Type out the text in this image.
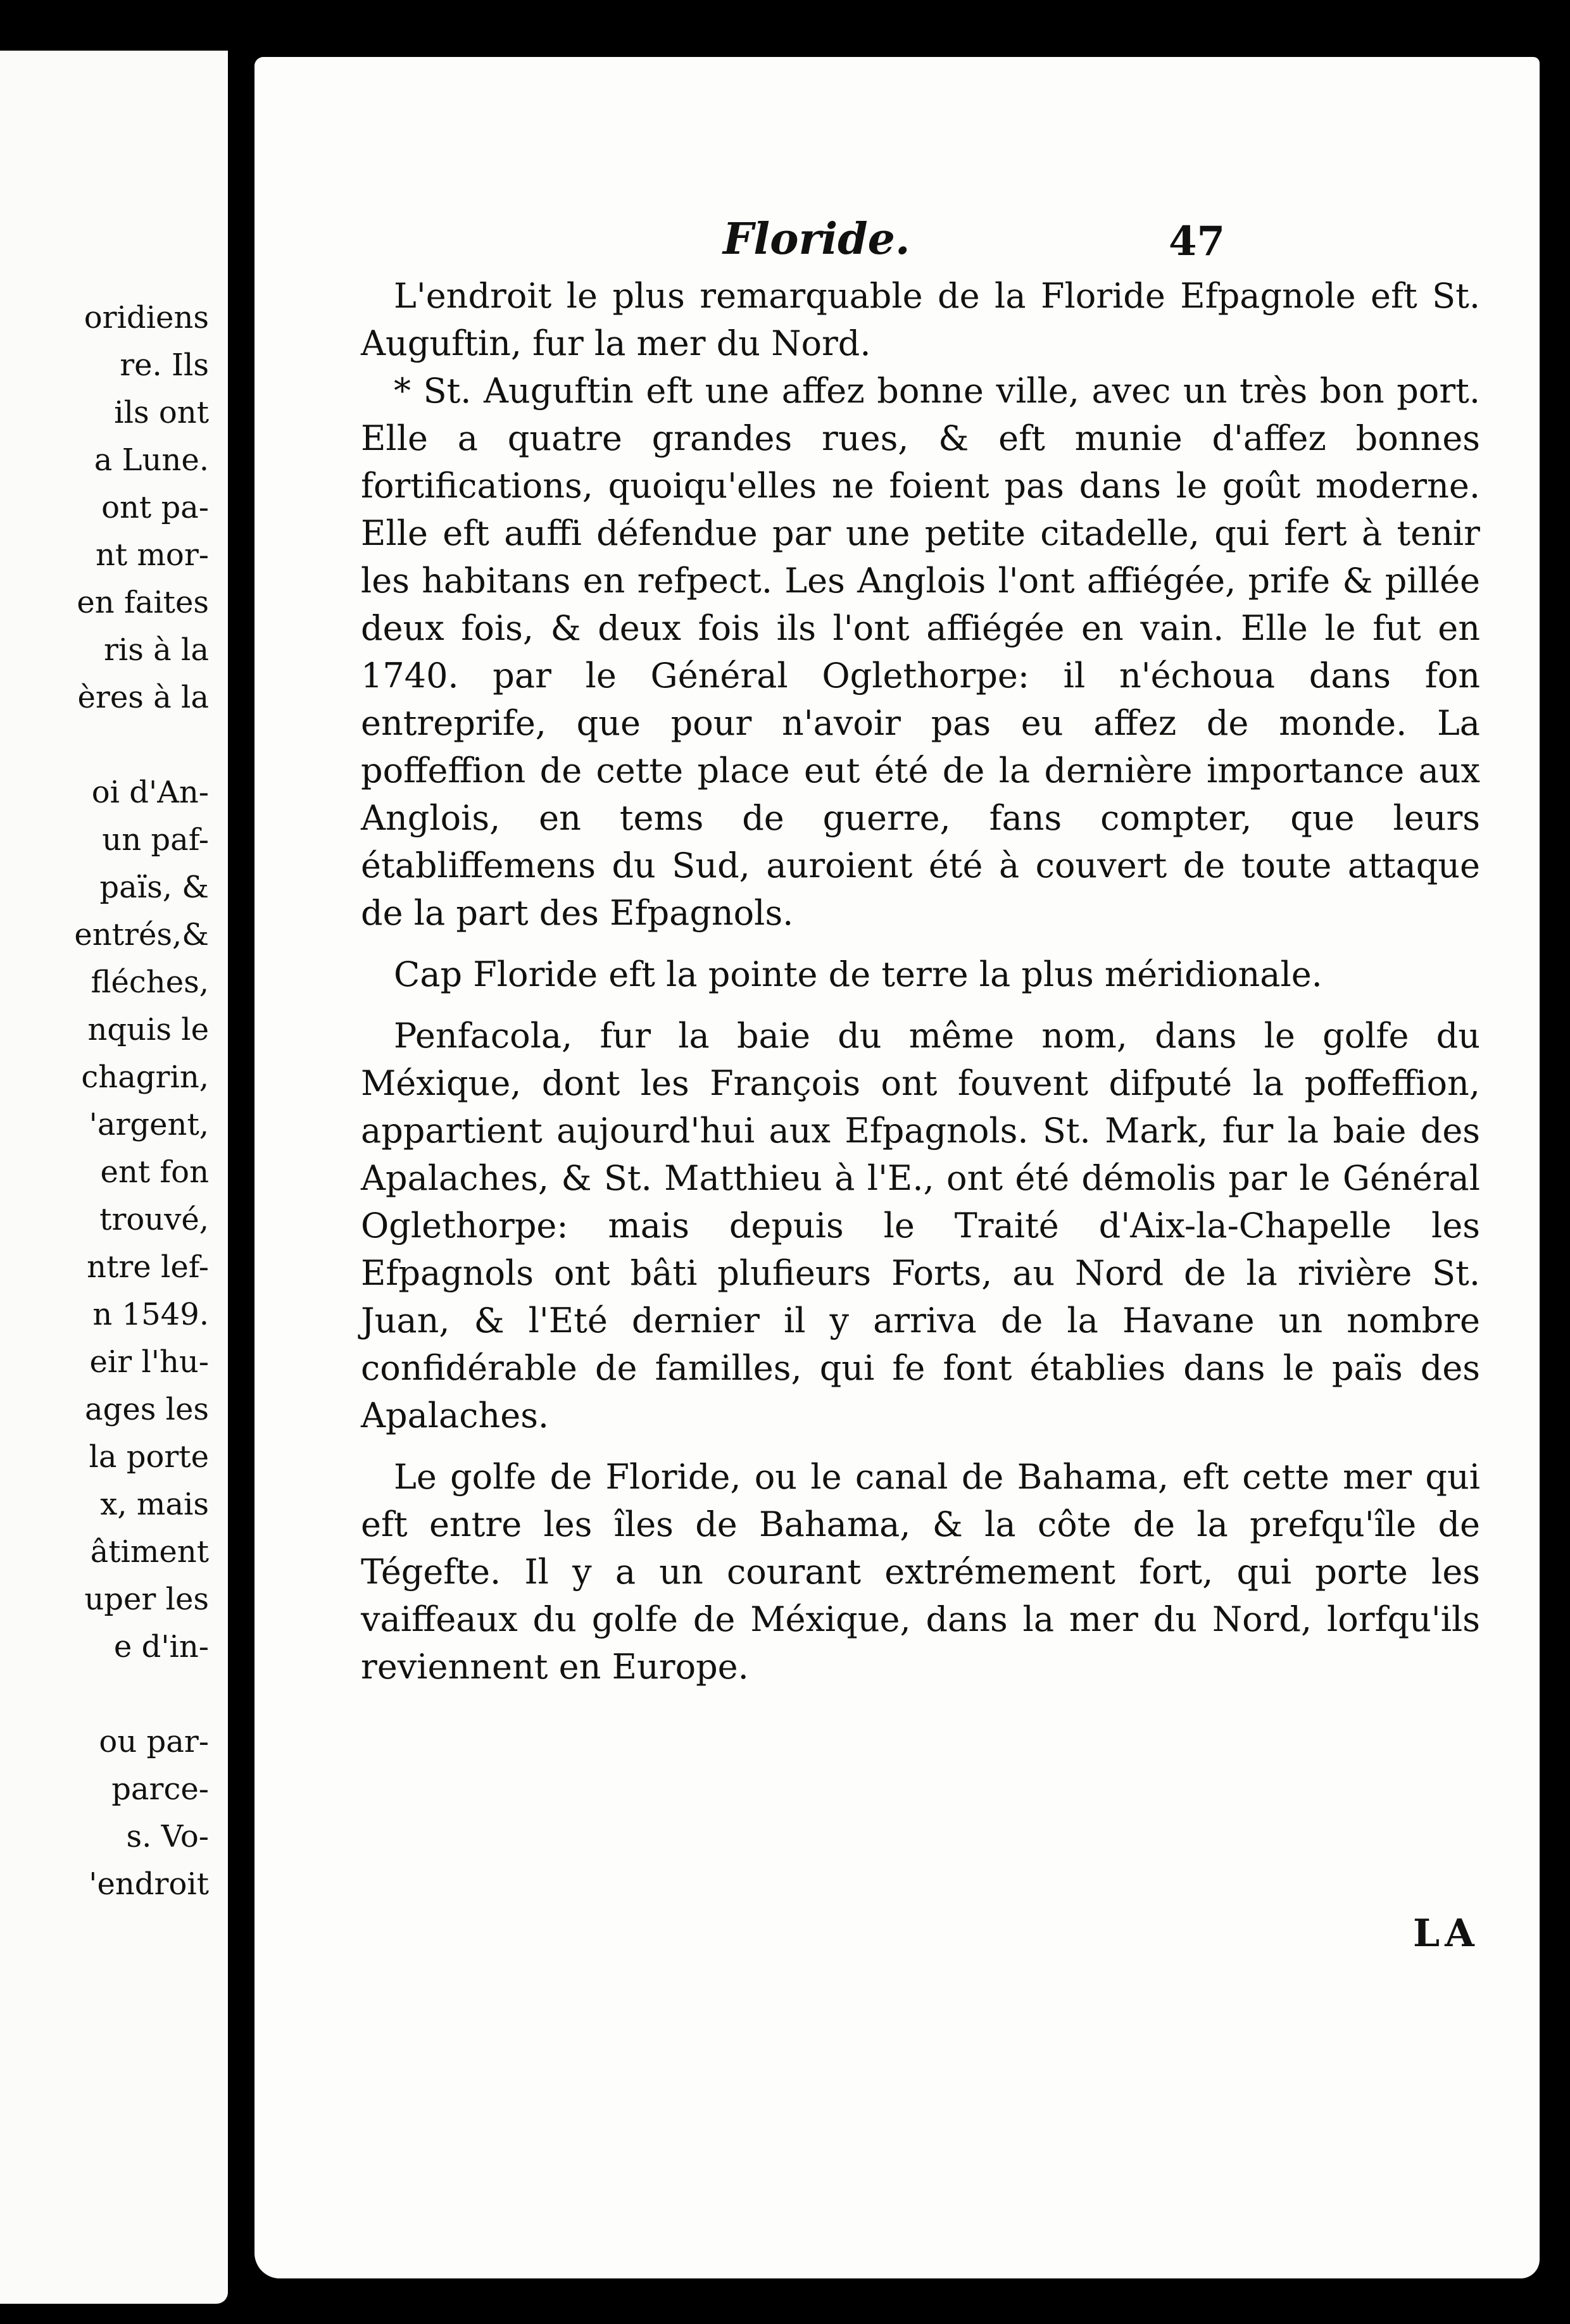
oridiens
re. Ils
ils ont
a Lune.
ont pa-
nt mor-
en faites
ris à la
ères à la
oi d'An-
un paf-
païs, &
entrés,&
fléches,
nquis le
chagrin,
'argent,
ent fon
trouvé,
ntre lef-
n 1549.
eir l'hu-
ages les
la porte
x, mais
âtiment
uper les
e d'in-
ou par-
parce-
s. Vo-
'endroit
Floride.	47

L'endroit le plus remarquable de la Floride Efpagnole eft St. Auguftin, fur la mer du Nord.

* St. Auguftin eft une affez bonne ville, avec un très bon port. Elle a quatre grandes rues, & eft munie d'affez bonnes fortifications, quoiqu'elles ne foient pas dans le goût moderne. Elle eft auffi défendue par une petite citadelle, qui fert à tenir les habitans en refpect. Les Anglois l'ont affiégée, prife & pillée deux fois, & deux fois ils l'ont affiégée en vain. Elle le fut en 1740. par le Général Oglethorpe: il n'échoua dans fon entreprife, que pour n'avoir pas eu affez de monde. La poffeffion de cette place eut été de la dernière importance aux Anglois, en tems de guerre, fans compter, que leurs établiffemens du Sud, auroient été à couvert de toute attaque de la part des Efpagnols.

Cap Floride eft la pointe de terre la plus méridionale.

Penfacola, fur la baie du même nom, dans le golfe du Méxique, dont les François ont fouvent difputé la poffeffion, appartient aujourd'hui aux Efpagnols. St. Mark, fur la baie des Apalaches, & St. Matthieu à l'E., ont été démolis par le Général Oglethorpe: mais depuis le Traité d'Aix-la-Chapelle les Efpagnols ont bâti plufieurs Forts, au Nord de la rivière St. Juan, & l'Eté dernier il y arriva de la Havane un nombre confidérable de familles, qui fe font établies dans le païs des Apalaches.

Le golfe de Floride, ou le canal de Bahama, eft cette mer qui eft entre les îles de Bahama, & la côte de la prefqu'île de Tégefte. Il y a un courant extrémement fort, qui porte les vaiffeaux du golfe de Méxique, dans la mer du Nord, lorfqu'ils reviennent en Europe.

LA
